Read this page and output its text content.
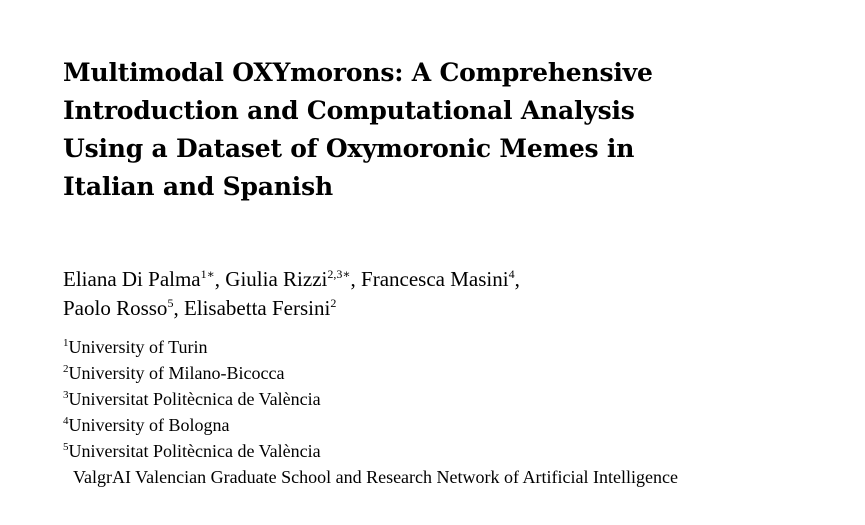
Multimodal OXYmorons: A Comprehensive
Introduction and Computational Analysis
Using a Dataset of Oxymoronic Memes in
Italian and Spanish
Eliana Di Palma$^{1∗}$, Giulia Rizzi$^{2,3∗}$, Francesca Masini$^4$,
Paolo Rosso$^5$, Elisabetta Fersini$^2$
$^1$University of Turin
$^2$University of Milano-Bicocca
$^3$Universitat Politècnica de València
$^4$University of Bologna
$^5$Universitat Politècnica de València
ValgrAI Valencian Graduate School and Research Network of Artificial Intelligence
